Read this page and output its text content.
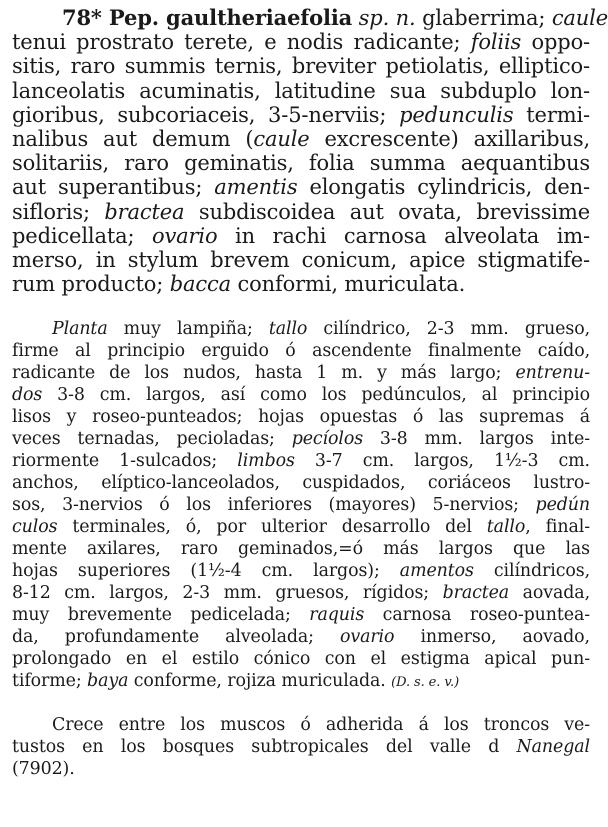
78* Pep. gaultheriaefolia sp. n. glaberrima; caule
tenui prostrato terete, e nodis radicante; foliis oppo-
sitis, raro summis ternis, breviter petiolatis, elliptico-
lanceolatis acuminatis, latitudine sua subduplo lon-
gioribus, subcoriaceis, 3-5-nerviis; pedunculis termi-
nalibus aut demum (caule excrescente) axillaribus,
solitariis, raro geminatis, folia summa aequantibus
aut superantibus; amentis elongatis cylindricis, den-
sifloris; bractea subdiscoidea aut ovata, brevissime
pedicellata; ovario in rachi carnosa alveolata im-
merso, in stylum brevem conicum, apice stigmatife-
rum producto; bacca conformi, muriculata.
Planta muy lampiña; tallo cilíndrico, 2-3 mm. grueso,
firme al principio erguido ó ascendente finalmente caído,
radicante de los nudos, hasta 1 m. y más largo; entrenu-
dos 3-8 cm. largos, así como los pedúnculos, al principio
lisos y roseo-punteados; hojas opuestas ó las supremas á
veces ternadas, pecioladas; pecíolos 3-8 mm. largos inte-
riormente 1-sulcados; limbos 3-7 cm. largos, 1½-3 cm.
anchos, elíptico-lanceolados, cuspidados, coriáceos lustro-
sos, 3-nervios ó los inferiores (mayores) 5-nervios; pedún
culos terminales, ó, por ulterior desarrollo del tallo, final-
mente axilares, raro geminados,=ó más largos que las
hojas superiores (1½-4 cm. largos); amentos cilíndricos,
8-12 cm. largos, 2-3 mm. gruesos, rígidos; bractea aovada,
muy brevemente pedicelada; raquis carnosa roseo-puntea-
da, profundamente alveolada; ovario inmerso, aovado,
prolongado en el estilo cónico con el estigma apical pun-
tiforme; baya conforme, rojiza muriculada. (D. s. e. v.)
Crece entre los muscos ó adherida á los troncos ve-
tustos en los bosques subtropicales del valle d Nanegal
(7902).
